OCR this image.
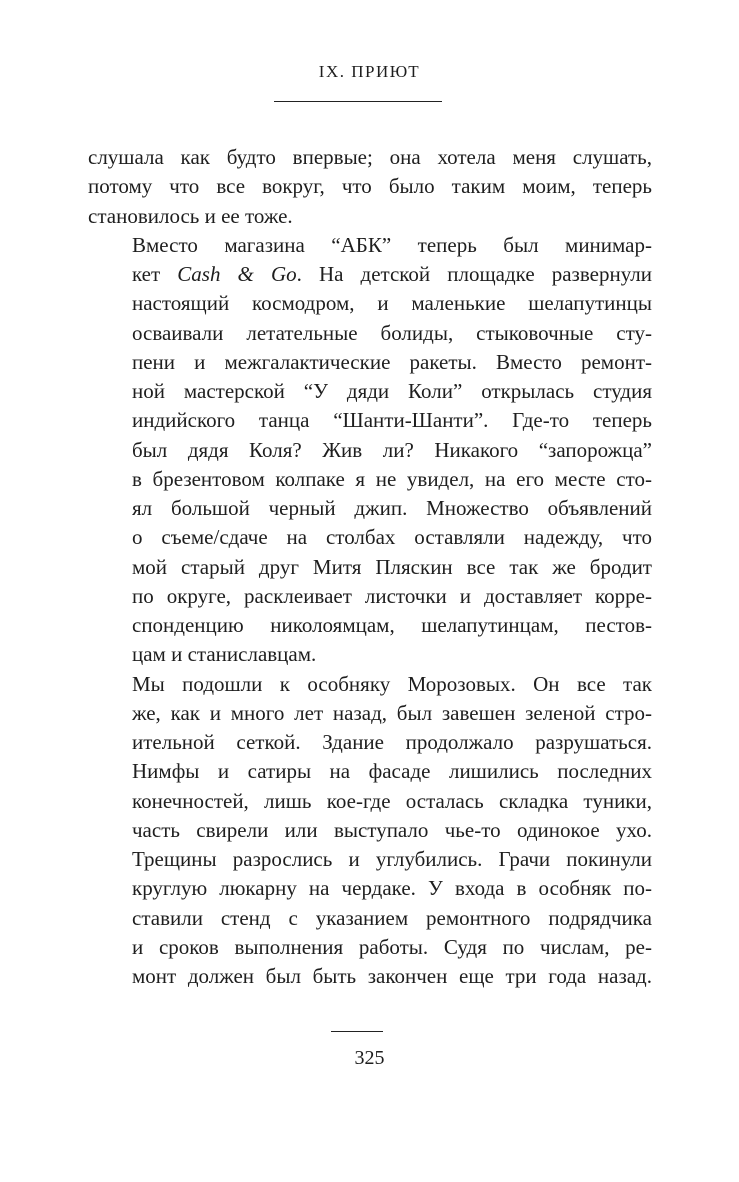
IX. ПРИЮТ

слушала как будто впервые; она хотела меня слушать,
потому что все вокруг, что было таким моим, теперь
становилось и ее тоже.

Вместо магазина “АБК” теперь был минимар-
кет Cash & Go. На детской площадке развернули
настоящий космодром, и маленькие шелапутинцы
осваивали летательные болиды, стыковочные сту-
пени и межгалактические ракеты. Вместо ремонт-
ной мастерской “У дяди Коли” открылась студия
индийского танца “Шанти-Шанти”. Где-то теперь
был дядя Коля? Жив ли? Никакого “запорожца”
в брезентовом колпаке я не увидел, на его месте сто-
ял большой черный джип. Множество объявлений
о съеме/сдаче на столбах оставляли надежду, что
мой старый друг Митя Пляскин все так же бродит
по округе, расклеивает листочки и доставляет корре-
спонденцию николоямцам, шелапутинцам, пестов-
цам и станиславцам.

Мы подошли к особняку Морозовых. Он все так
же, как и много лет назад, был завешен зеленой стро-
ительной сеткой. Здание продолжало разрушаться.
Нимфы и сатиры на фасаде лишились последних
конечностей, лишь кое-где осталась складка туники,
часть свирели или выступало чье-то одинокое ухо.
Трещины разрослись и углубились. Грачи покинули
круглую люкарну на чердаке. У входа в особняк по-
ставили стенд с указанием ремонтного подрядчика
и сроков выполнения работы. Судя по числам, ре-
монт должен был быть закончен еще три года назад.

325
